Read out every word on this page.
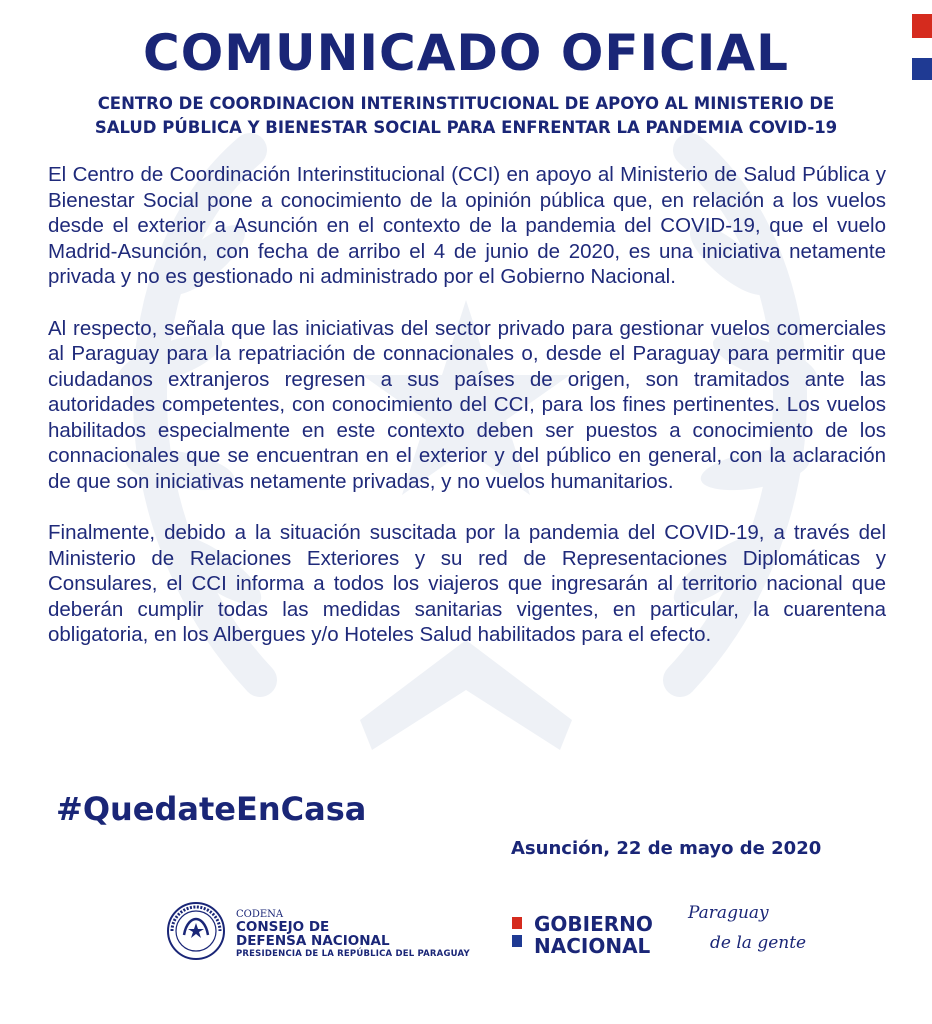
COMUNICADO OFICIAL
CENTRO DE COORDINACION INTERINSTITUCIONAL DE APOYO AL MINISTERIO DE
SALUD PÚBLICA Y BIENESTAR SOCIAL PARA ENFRENTAR LA PANDEMIA COVID-19

El Centro de Coordinación Interinstitucional (CCI) en apoyo al Ministerio de Salud Pública y Bienestar Social pone a conocimiento de la opinión pública que, en relación a los vuelos desde el exterior a Asunción en el contexto de la pandemia del COVID-19, que el vuelo Madrid-Asunción, con fecha de arribo el 4 de junio de 2020, es una iniciativa netamente privada y no es gestionado ni administrado por el Gobierno Nacional.

Al respecto, señala que las iniciativas del sector privado para gestionar vuelos comerciales al Paraguay para la repatriación de connacionales o, desde el Paraguay para permitir que ciudadanos extranjeros regresen a sus países de origen, son tramitados ante las autoridades competentes, con conocimiento del CCI, para los fines pertinentes. Los vuelos habilitados especialmente en este contexto deben ser puestos a conocimiento de los connacionales que se encuentran en el exterior y del público en general, con la aclaración de que son iniciativas netamente privadas, y no vuelos humanitarios.

Finalmente, debido a la situación suscitada por la pandemia del COVID-19, a través del Ministerio de Relaciones Exteriores y su red de Representaciones Diplomáticas y Consulares, el CCI informa a todos los viajeros que ingresarán al territorio nacional que deberán cumplir todas las medidas sanitarias vigentes, en particular, la cuarentena obligatoria, en los Albergues y/o Hoteles Salud habilitados para el efecto.

#QuedateEnCasa
Asunción, 22 de mayo de 2020
CODENA
CONSEJO DE
DEFENSA NACIONAL
PRESIDENCIA DE LA REPÚBLICA DEL PARAGUAY
GOBIERNO
NACIONAL
Paraguay
de la gente
